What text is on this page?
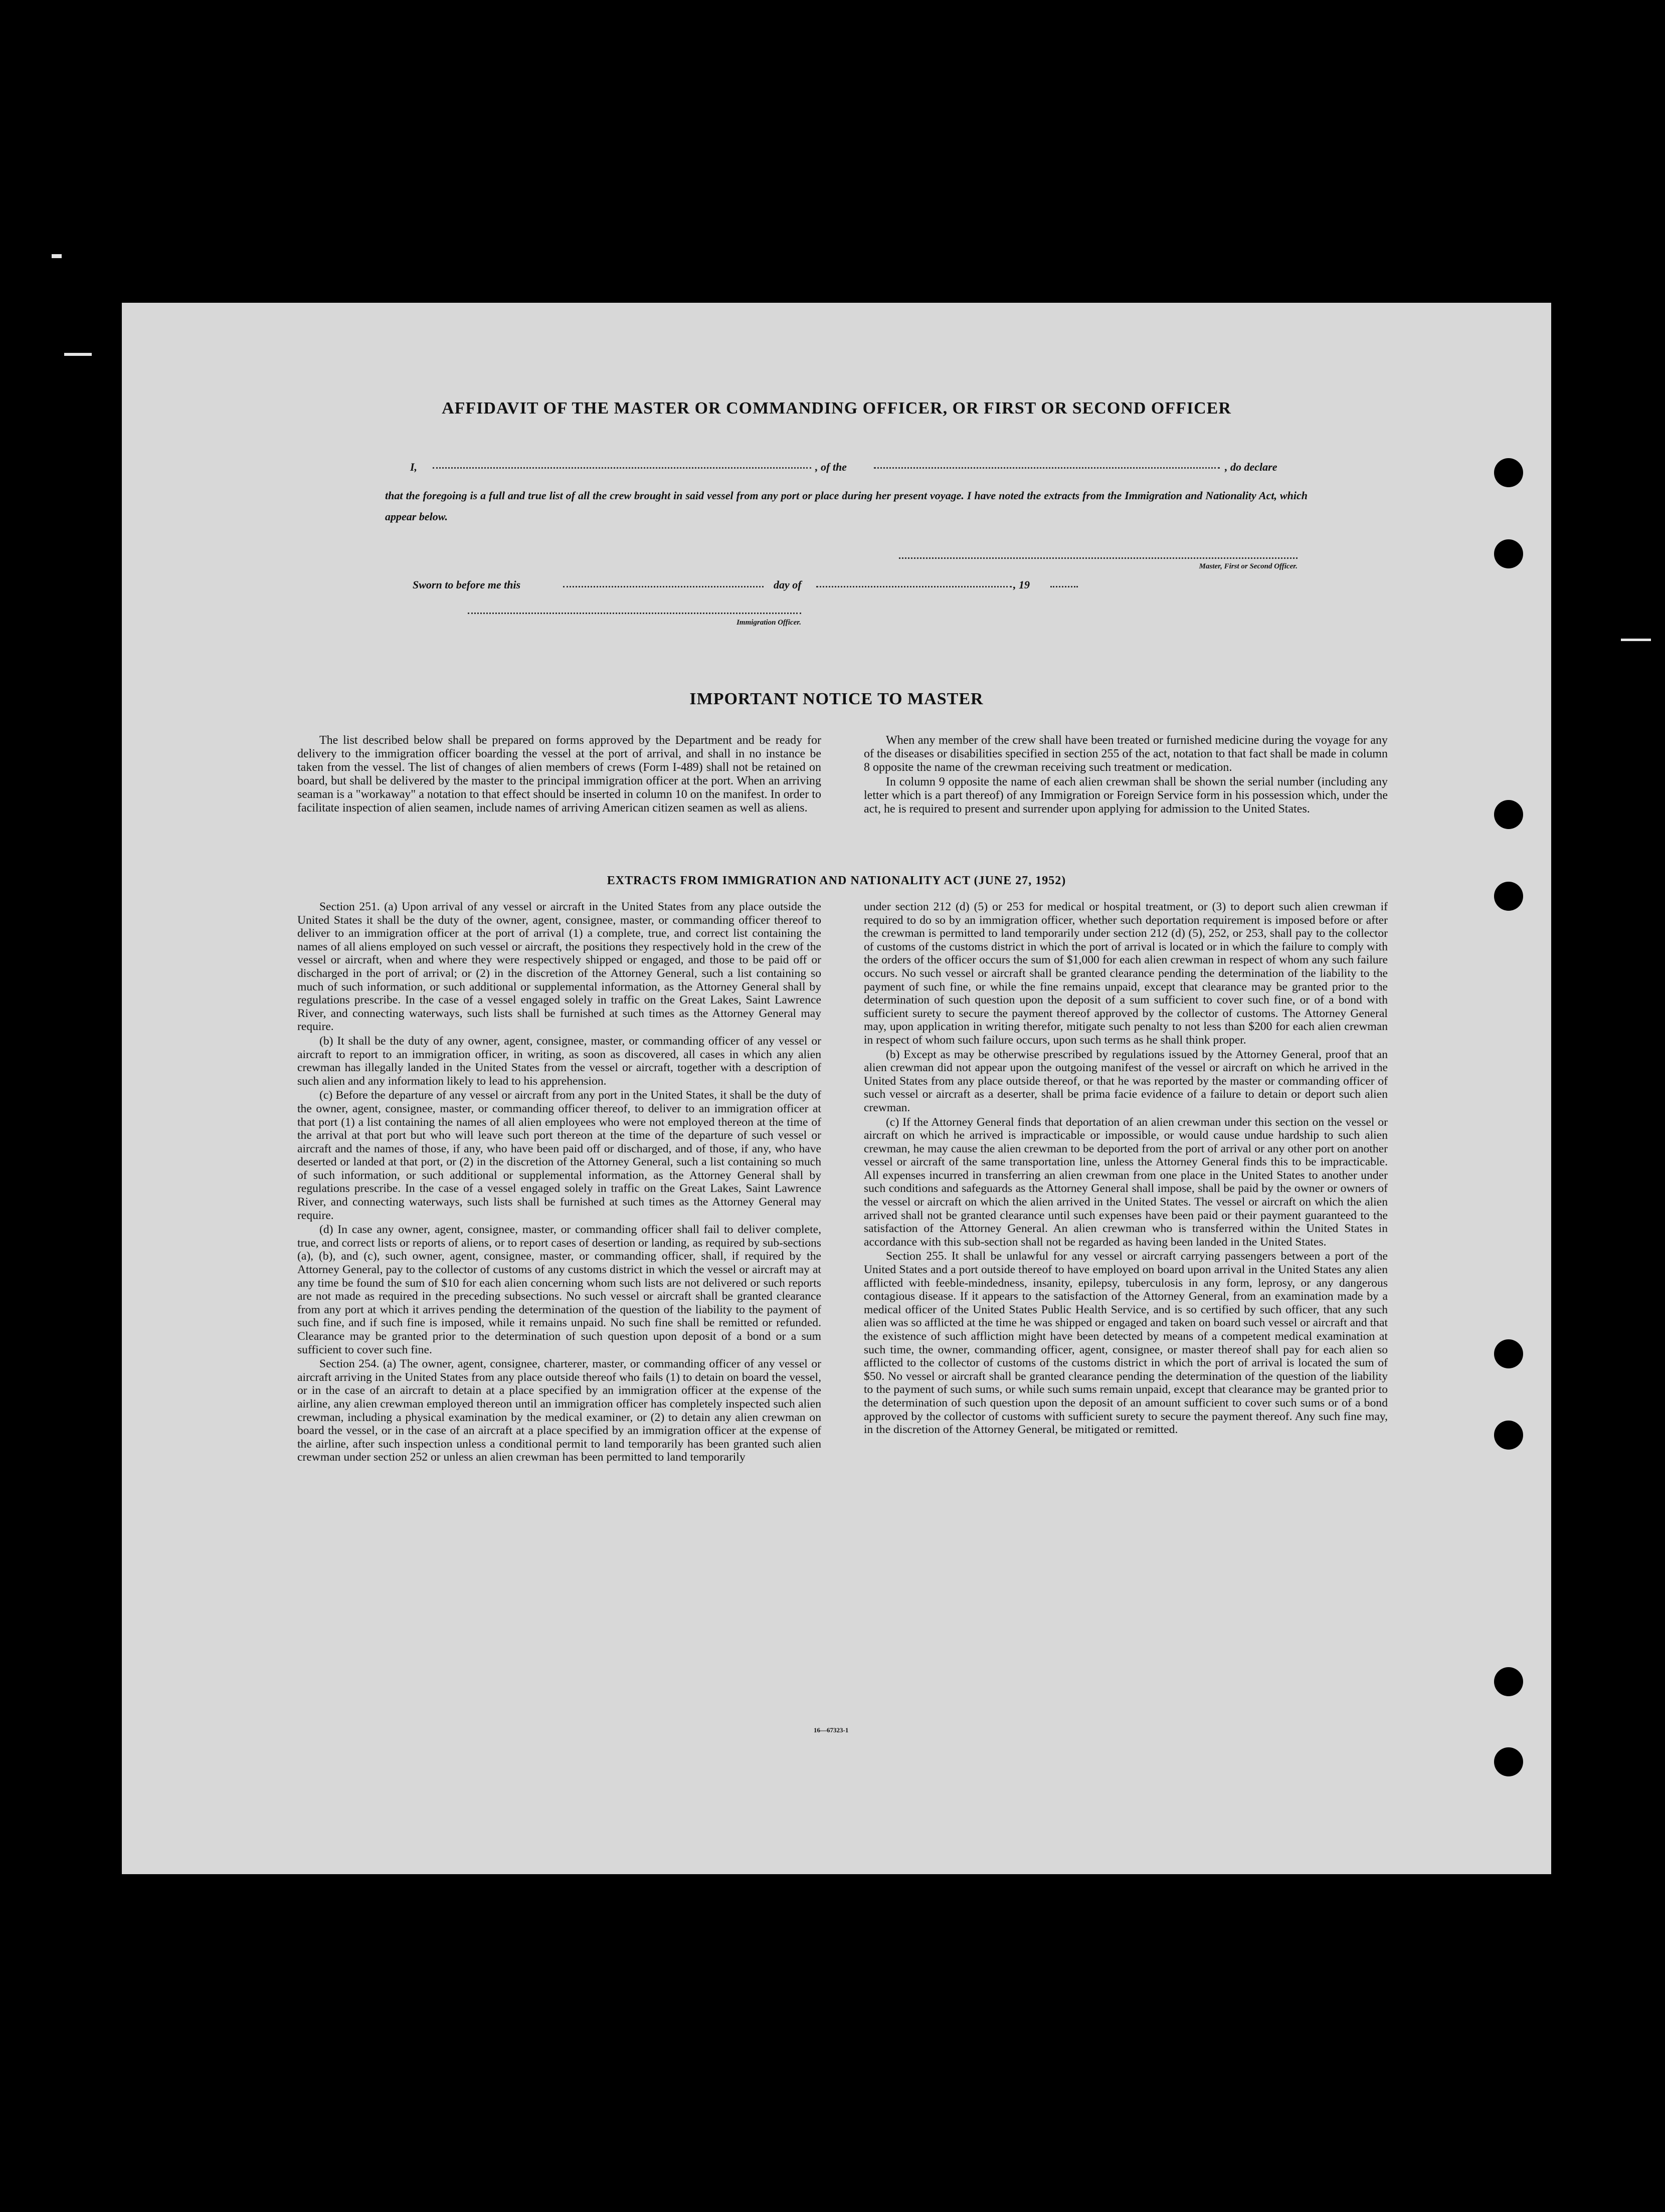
AFFIDAVIT OF THE MASTER OR COMMANDING OFFICER, OR FIRST OR SECOND OFFICER
I,	, of the	, do declare
that the foregoing is a full and true list of all the crew brought in said vessel from any port or place during her present voyage. I have noted the extracts from the Immigration and Nationality Act, which appear below.
Master, First or Second Officer.
Sworn to before me this	day of	, 19
Immigration Officer.
IMPORTANT NOTICE TO MASTER

The list described below shall be prepared on forms approved by the Department and be ready for delivery to the immigration officer boarding the vessel at the port of arrival, and shall in no instance be taken from the vessel. The list of changes of alien members of crews (Form I-489) shall not be retained on board, but shall be delivered by the master to the principal immigration officer at the port. When an arriving seaman is a "workaway" a notation to that effect should be inserted in column 10 on the manifest. In order to facilitate inspection of alien seamen, include names of arriving American citizen seamen as well as aliens.

When any member of the crew shall have been treated or furnished medicine during the voyage for any of the diseases or disabilities specified in section 255 of the act, notation to that fact shall be made in column 8 opposite the name of the crewman receiving such treatment or medication.

In column 9 opposite the name of each alien crewman shall be shown the serial number (including any letter which is a part thereof) of any Immigration or Foreign Service form in his possession which, under the act, he is required to present and surrender upon applying for admission to the United States.

EXTRACTS FROM IMMIGRATION AND NATIONALITY ACT (JUNE 27, 1952)

Section 251. (a) Upon arrival of any vessel or aircraft in the United States from any place outside the United States it shall be the duty of the owner, agent, consignee, master, or commanding officer thereof to deliver to an immigration officer at the port of arrival (1) a complete, true, and correct list containing the names of all aliens employed on such vessel or aircraft, the positions they respectively hold in the crew of the vessel or aircraft, when and where they were respectively shipped or engaged, and those to be paid off or discharged in the port of arrival; or (2) in the discretion of the Attorney General, such a list containing so much of such information, or such additional or supplemental information, as the Attorney General shall by regulations prescribe. In the case of a vessel engaged solely in traffic on the Great Lakes, Saint Lawrence River, and connecting waterways, such lists shall be furnished at such times as the Attorney General may require.

(b) It shall be the duty of any owner, agent, consignee, master, or commanding officer of any vessel or aircraft to report to an immigration officer, in writing, as soon as discovered, all cases in which any alien crewman has illegally landed in the United States from the vessel or aircraft, together with a description of such alien and any information likely to lead to his apprehension.

(c) Before the departure of any vessel or aircraft from any port in the United States, it shall be the duty of the owner, agent, consignee, master, or commanding officer thereof, to deliver to an immigration officer at that port (1) a list containing the names of all alien employees who were not employed thereon at the time of the arrival at that port but who will leave such port thereon at the time of the departure of such vessel or aircraft and the names of those, if any, who have been paid off or discharged, and of those, if any, who have deserted or landed at that port, or (2) in the discretion of the Attorney General, such a list containing so much of such information, or such additional or supplemental information, as the Attorney General shall by regulations prescribe. In the case of a vessel engaged solely in traffic on the Great Lakes, Saint Lawrence River, and connecting waterways, such lists shall be furnished at such times as the Attorney General may require.

(d) In case any owner, agent, consignee, master, or commanding officer shall fail to deliver complete, true, and correct lists or reports of aliens, or to report cases of desertion or landing, as required by sub-sections (a), (b), and (c), such owner, agent, consignee, master, or commanding officer, shall, if required by the Attorney General, pay to the collector of customs of any customs district in which the vessel or aircraft may at any time be found the sum of $10 for each alien concerning whom such lists are not delivered or such reports are not made as required in the preceding subsections. No such vessel or aircraft shall be granted clearance from any port at which it arrives pending the determination of the question of the liability to the payment of such fine, and if such fine is imposed, while it remains unpaid. No such fine shall be remitted or refunded. Clearance may be granted prior to the determination of such question upon deposit of a bond or a sum sufficient to cover such fine.

Section 254. (a) The owner, agent, consignee, charterer, master, or commanding officer of any vessel or aircraft arriving in the United States from any place outside thereof who fails (1) to detain on board the vessel, or in the case of an aircraft to detain at a place specified by an immigration officer at the expense of the airline, any alien crewman employed thereon until an immigration officer has completely inspected such alien crewman, including a physical examination by the medical examiner, or (2) to detain any alien crewman on board the vessel, or in the case of an aircraft at a place specified by an immigration officer at the expense of the airline, after such inspection unless a conditional permit to land temporarily has been granted such alien crewman under section 252 or unless an alien crewman has been permitted to land temporarily

under section 212 (d) (5) or 253 for medical or hospital treatment, or (3) to deport such alien crewman if required to do so by an immigration officer, whether such deportation requirement is imposed before or after the crewman is permitted to land temporarily under section 212 (d) (5), 252, or 253, shall pay to the collector of customs of the customs district in which the port of arrival is located or in which the failure to comply with the orders of the officer occurs the sum of $1,000 for each alien crewman in respect of whom any such failure occurs. No such vessel or aircraft shall be granted clearance pending the determination of the liability to the payment of such fine, or while the fine remains unpaid, except that clearance may be granted prior to the determination of such question upon the deposit of a sum sufficient to cover such fine, or of a bond with sufficient surety to secure the payment thereof approved by the collector of customs. The Attorney General may, upon application in writing therefor, mitigate such penalty to not less than $200 for each alien crewman in respect of whom such failure occurs, upon such terms as he shall think proper.

(b) Except as may be otherwise prescribed by regulations issued by the Attorney General, proof that an alien crewman did not appear upon the outgoing manifest of the vessel or aircraft on which he arrived in the United States from any place outside thereof, or that he was reported by the master or commanding officer of such vessel or aircraft as a deserter, shall be prima facie evidence of a failure to detain or deport such alien crewman.

(c) If the Attorney General finds that deportation of an alien crewman under this section on the vessel or aircraft on which he arrived is impracticable or impossible, or would cause undue hardship to such alien crewman, he may cause the alien crewman to be deported from the port of arrival or any other port on another vessel or aircraft of the same transportation line, unless the Attorney General finds this to be impracticable. All expenses incurred in transferring an alien crewman from one place in the United States to another under such conditions and safeguards as the Attorney General shall impose, shall be paid by the owner or owners of the vessel or aircraft on which the alien arrived in the United States. The vessel or aircraft on which the alien arrived shall not be granted clearance until such expenses have been paid or their payment guaranteed to the satisfaction of the Attorney General. An alien crewman who is transferred within the United States in accordance with this sub-section shall not be regarded as having been landed in the United States.

Section 255. It shall be unlawful for any vessel or aircraft carrying passengers between a port of the United States and a port outside thereof to have employed on board upon arrival in the United States any alien afflicted with feeble-mindedness, insanity, epilepsy, tuberculosis in any form, leprosy, or any dangerous contagious disease. If it appears to the satisfaction of the Attorney General, from an examination made by a medical officer of the United States Public Health Service, and is so certified by such officer, that any such alien was so afflicted at the time he was shipped or engaged and taken on board such vessel or aircraft and that the existence of such affliction might have been detected by means of a competent medical examination at such time, the owner, commanding officer, agent, consignee, or master thereof shall pay for each alien so afflicted to the collector of customs of the customs district in which the port of arrival is located the sum of $50. No vessel or aircraft shall be granted clearance pending the determination of the question of the liability to the payment of such sums, or while such sums remain unpaid, except that clearance may be granted prior to the determination of such question upon the deposit of an amount sufficient to cover such sums or of a bond approved by the collector of customs with sufficient surety to secure the payment thereof. Any such fine may, in the discretion of the Attorney General, be mitigated or remitted.

16—67323-1
